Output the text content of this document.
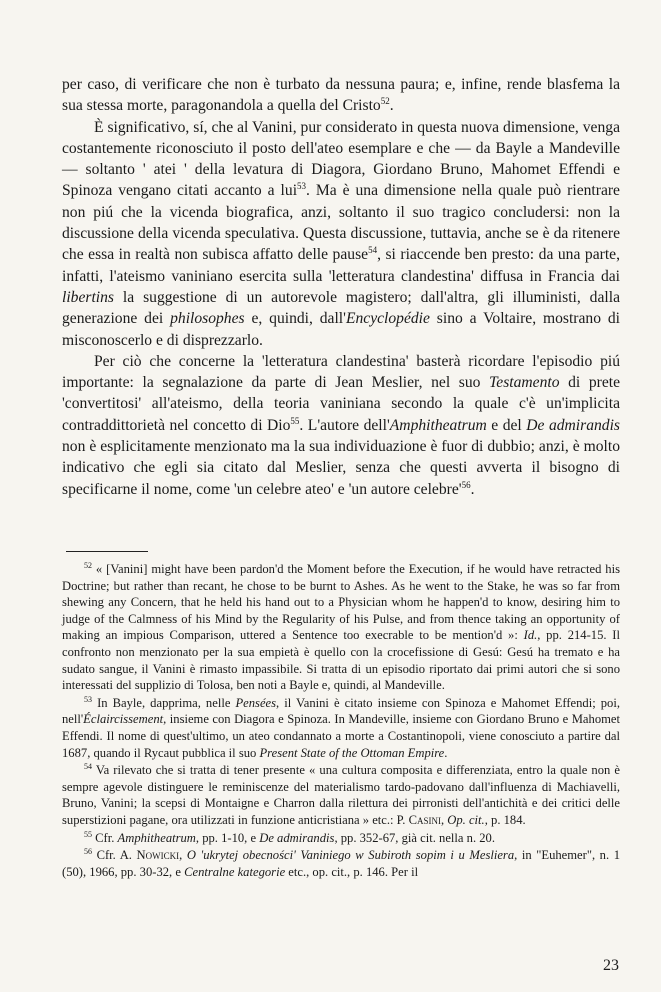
per caso, di verificare che non è turbato da nessuna paura; e, infine, rende blasfema la sua stessa morte, paragonandola a quella del Cristo$^{52}$.

È significativo, sí, che al Vanini, pur considerato in questa nuova dimensione, venga costantemente riconosciuto il posto dell'ateo esemplare e che — da Bayle a Mandeville — soltanto ' atei ' della levatura di Diagora, Giordano Bruno, Mahomet Effendi e Spinoza vengano citati accanto a lui$^{53}$. Ma è una dimensione nella quale può rientrare non piú che la vicenda biografica, anzi, soltanto il suo tragico concludersi: non la discussione della vicenda speculativa. Questa discussione, tuttavia, anche se è da ritenere che essa in realtà non subisca affatto delle pause$^{54}$, si riaccende ben presto: da una parte, infatti, l'ateismo vaniniano esercita sulla 'letteratura clandestina' diffusa in Francia dai libertins la suggestione di un autorevole magistero; dall'altra, gli illuministi, dalla generazione dei philosophes e, quindi, dall'Encyclopédie sino a Voltaire, mostrano di misconoscerlo e di disprezzarlo.

Per ciò che concerne la 'letteratura clandestina' basterà ricordare l'episodio piú importante: la segnalazione da parte di Jean Meslier, nel suo Testamento di prete 'convertitosi' all'ateismo, della teoria vaniniana secondo la quale c'è un'implicita contraddittorietà nel concetto di Dio$^{55}$. L'autore dell'Amphitheatrum e del De admirandis non è esplicitamente menzionato ma la sua individuazione è fuor di dubbio; anzi, è molto indicativo che egli sia citato dal Meslier, senza che questi avverta il bisogno di specificarne il nome, come 'un celebre ateo' e 'un autore $celebre'^{56}$.

$^{52}$ « [Vanini] might have been pardon'd the Moment before the Execution, if he would have retracted his Doctrine; but rather than recant, he chose to be burnt to Ashes. As he went to the Stake, he was so far from shewing any Concern, that he held his hand out to a Physician whom he happen'd to know, desiring him to judge of the Calmness of his Mind by the Regularity of his Pulse, and from thence taking an opportunity of making an impious Comparison, uttered a Sentence too execrable to be mention'd »: Id., pp. 214-15. Il confronto non menzionato per la sua empietà è quello con la crocefissione di Gesú: Gesú ha tremato e ha sudato sangue, il Vanini è rimasto impassibile. Si tratta di un episodio riportato dai primi autori che si sono interessati del supplizio di Tolosa, ben noti a Bayle e, quindi, al Mandeville.

$^{53}$ In Bayle, dapprima, nelle Pensées, il Vanini è citato insieme con Spinoza e Mahomet Effendi; poi, nell'Éclaircissement, insieme con Diagora e Spinoza. In Mandeville, insieme con Giordano Bruno e Mahomet Effendi. Il nome di quest'ultimo, un ateo condannato a morte a Costantinopoli, viene conosciuto a partire dal 1687, quando il Rycaut pubblica il suo Present State of the Ottoman Empire.

$^{54}$ Va rilevato che si tratta di tener presente « una cultura composita e differenziata, entro la quale non è sempre agevole distinguere le reminiscenze del materialismo tardo-padovano dall'influenza di Machiavelli, Bruno, Vanini; la scepsi di Montaigne e Charron dalla rilettura dei pirronisti dell'antichità e dei critici delle superstizioni pagane, ora utilizzati in funzione anticristiana » etc.: P. Casini, Op. cit., p. 184.

$^{55}$ Cfr. Amphitheatrum, pp. 1-10, e De admirandis, pp. 352-67, già cit. nella n. 20.

$^{56}$ Cfr. A. Nowicki, O 'ukrytej obecności' Vaniniego w Subiroth sopim i u Mesliera, in "Euhemer", n. 1 (50), 1966, pp. 30-32, e Centralne kategorie etc., op. cit., p. 146. Per il

23
